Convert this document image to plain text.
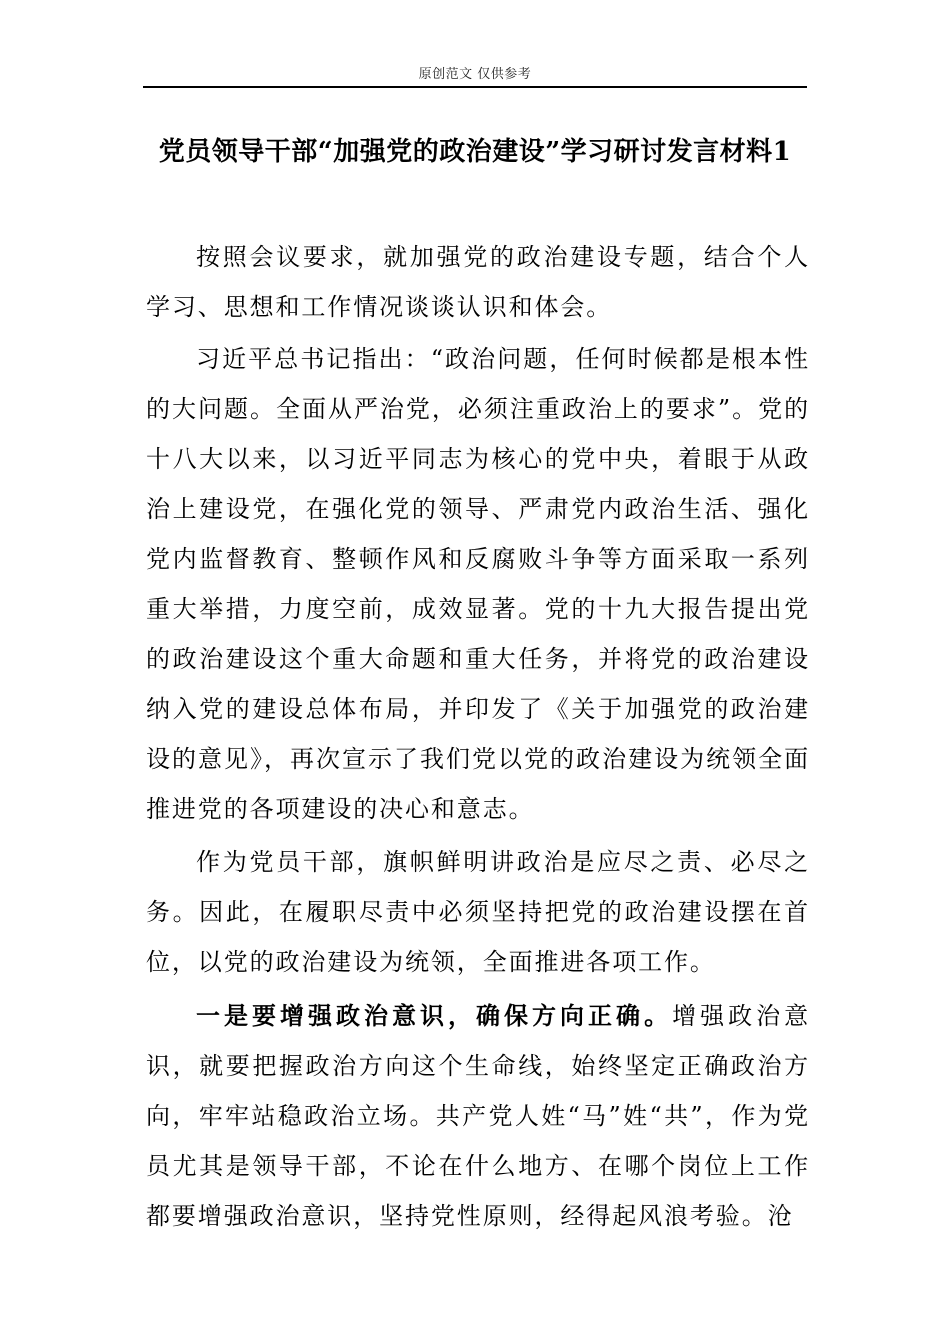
原创范文 仅供参考
党员领导干部“加强党的政治建设”学习研讨发言材料1

按照会议要求，就加强党的政治建设专题，结合个人学习、思想和工作情况谈谈认识和体会。

习近平总书记指出：“政治问题，任何时候都是根本性的大问题。全面从严治党，必须注重政治上的要求”。党的十八大以来，以习近平同志为核心的党中央，着眼于从政治上建设党，在强化党的领导、严肃党内政治生活、强化党内监督教育、整顿作风和反腐败斗争等方面采取一系列重大举措，力度空前，成效显著。党的十九大报告提出党的政治建设这个重大命题和重大任务，并将党的政治建设纳入党的建设总体布局，并印发了《关于加强党的政治建设的意见》，再次宣示了我们党以党的政治建设为统领全面推进党的各项建设的决心和意志。

作为党员干部，旗帜鲜明讲政治是应尽之责、必尽之务。因此，在履职尽责中必须坚持把党的政治建设摆在首位，以党的政治建设为统领，全面推进各项工作。

一是要增强政治意识，确保方向正确。增强政治意识，就要把握政治方向这个生命线，始终坚定正确政治方向，牢牢站稳政治立场。共产党人姓“马”姓“共”，作为党员尤其是领导干部，不论在什么地方、在哪个岗位上工作都要增强政治意识，坚持党性原则，经得起风浪考验。沧
